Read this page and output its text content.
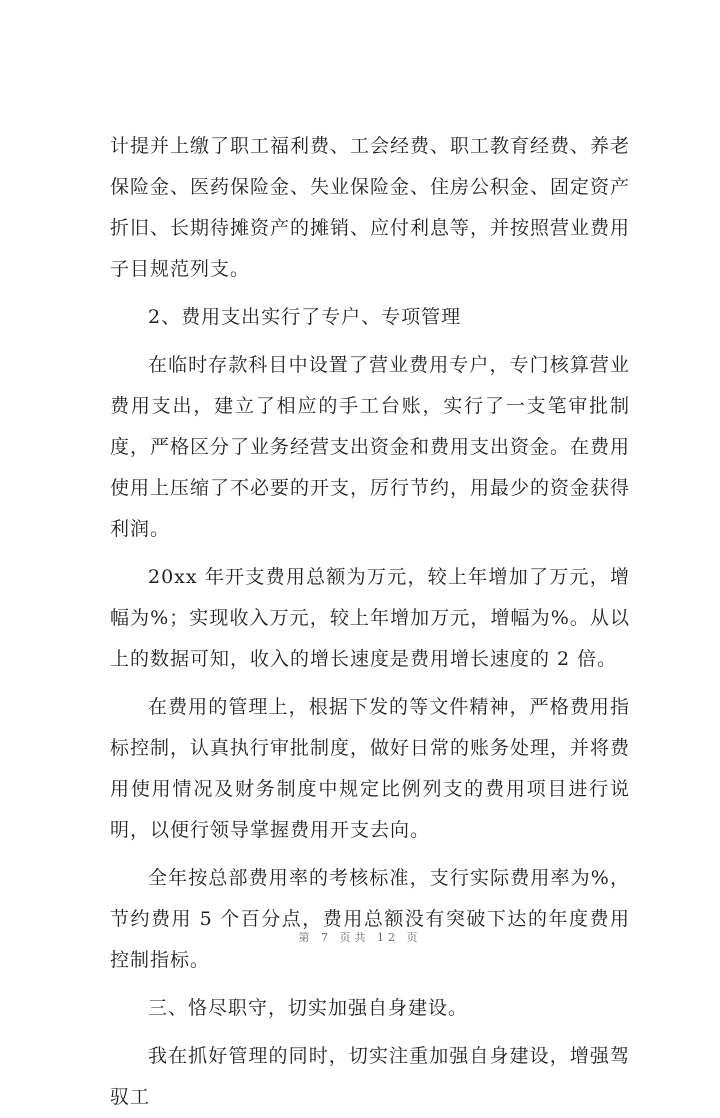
计提并上缴了职工福利费、工会经费、职工教育经费、养老保险金、医药保险金、失业保险金、住房公积金、固定资产折旧、长期待摊资产的摊销、应付利息等，并按照营业费用子目规范列支。

2、费用支出实行了专户、专项管理

在临时存款科目中设置了营业费用专户，专门核算营业费用支出，建立了相应的手工台账，实行了一支笔审批制度，严格区分了业务经营支出资金和费用支出资金。在费用使用上压缩了不必要的开支，厉行节约，用最少的资金获得利润。

20xx 年开支费用总额为万元，较上年增加了万元，增幅为%；实现收入万元，较上年增加万元，增幅为%。从以上的数据可知，收入的增长速度是费用增长速度的 2 倍。

在费用的管理上，根据下发的等文件精神，严格费用指标控制，认真执行审批制度，做好日常的账务处理，并将费用使用情况及财务制度中规定比例列支的费用项目进行说明，以便行领导掌握费用开支去向。

全年按总部费用率的考核标准，支行实际费用率为%，节约费用 5 个百分点，费用总额没有突破下达的年度费用控制指标。

三、恪尽职守，切实加强自身建设。

我在抓好管理的同时，切实注重加强自身建设，增强驾驭工

第 7 页共 12 页
